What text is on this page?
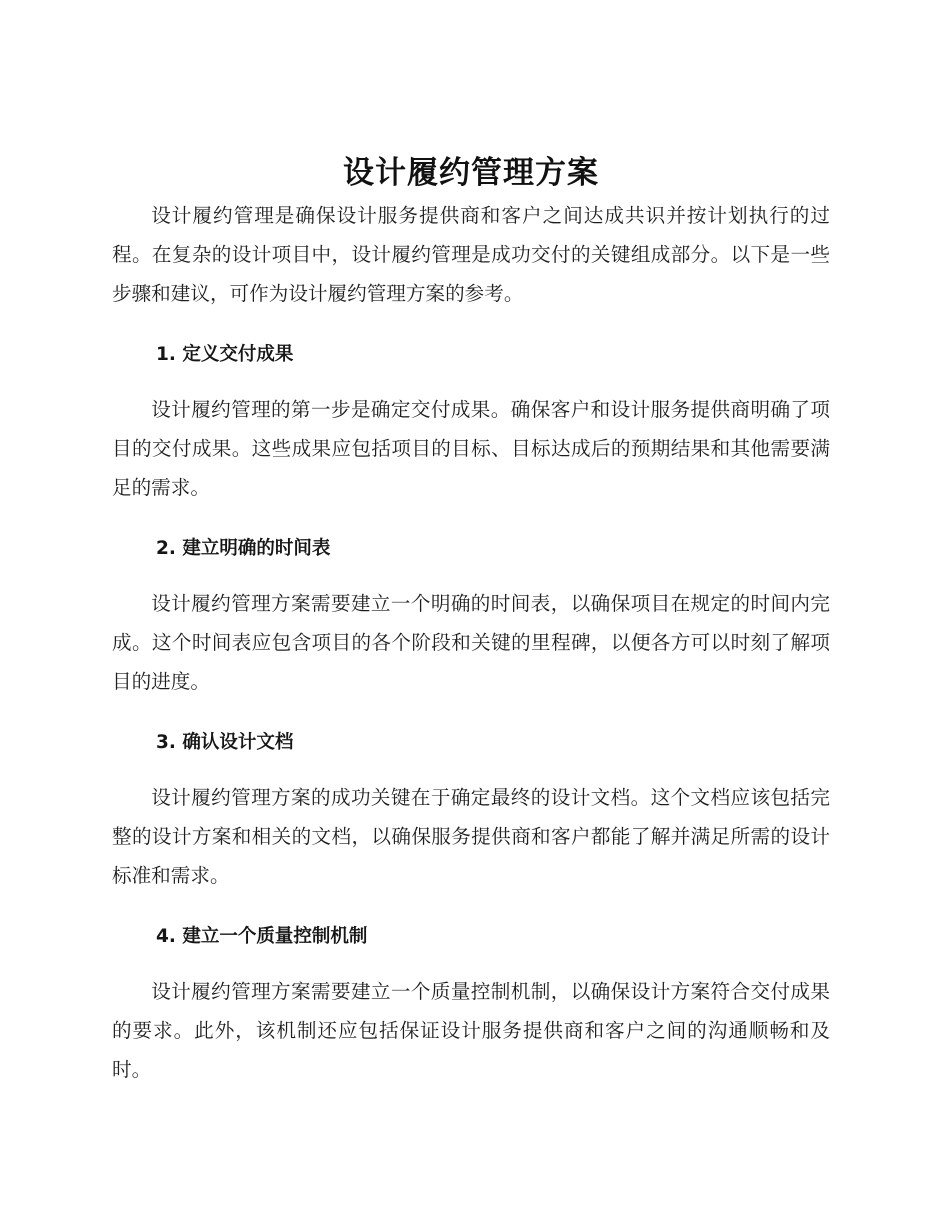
设计履约管理方案

设计履约管理是确保设计服务提供商和客户之间达成共识并按计划执行的过程。在复杂的设计项目中，设计履约管理是成功交付的关键组成部分。以下是一些步骤和建议，可作为设计履约管理方案的参考。

1. 定义交付成果

设计履约管理的第一步是确定交付成果。确保客户和设计服务提供商明确了项目的交付成果。这些成果应包括项目的目标、目标达成后的预期结果和其他需要满足的需求。

2. 建立明确的时间表

设计履约管理方案需要建立一个明确的时间表，以确保项目在规定的时间内完成。这个时间表应包含项目的各个阶段和关键的里程碑，以便各方可以时刻了解项目的进度。

3. 确认设计文档

设计履约管理方案的成功关键在于确定最终的设计文档。这个文档应该包括完整的设计方案和相关的文档，以确保服务提供商和客户都能了解并满足所需的设计标准和需求。

4. 建立一个质量控制机制

设计履约管理方案需要建立一个质量控制机制，以确保设计方案符合交付成果的要求。此外，该机制还应包括保证设计服务提供商和客户之间的沟通顺畅和及时。
